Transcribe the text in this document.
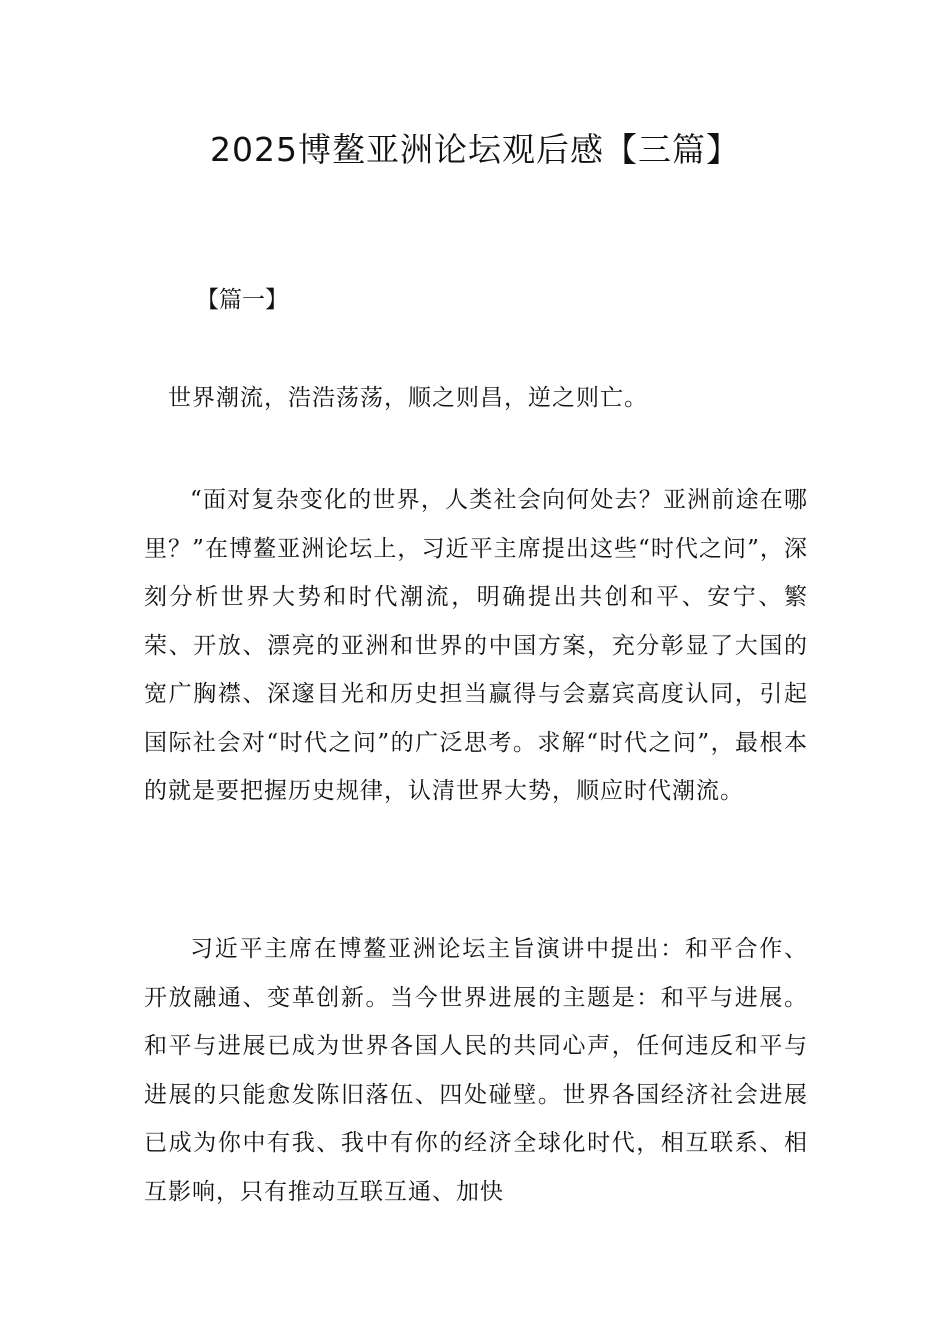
2025博鳌亚洲论坛观后感【三篇】
【篇一】

世界潮流，浩浩荡荡，顺之则昌，逆之则亡。

“面对复杂变化的世界，人类社会向何处去？亚洲前途在哪里？”在博鳌亚洲论坛上，习近平主席提出这些“时代之问”，深刻分析世界大势和时代潮流，明确提出共创和平、安宁、繁荣、开放、漂亮的亚洲和世界的中国方案，充分彰显了大国的宽广胸襟、深邃目光和历史担当赢得与会嘉宾高度认同，引起国际社会对“时代之问”的广泛思考。求解“时代之问”，最根本的就是要把握历史规律，认清世界大势，顺应时代潮流。

习近平主席在博鳌亚洲论坛主旨演讲中提出：和平合作、开放融通、变革创新。当今世界进展的主题是：和平与进展。和平与进展已成为世界各国人民的共同心声，任何违反和平与进展的只能愈发陈旧落伍、四处碰壁。世界各国经济社会进展已成为你中有我、我中有你的经济全球化时代，相互联系、相互影响，只有推动互联互通、加快
